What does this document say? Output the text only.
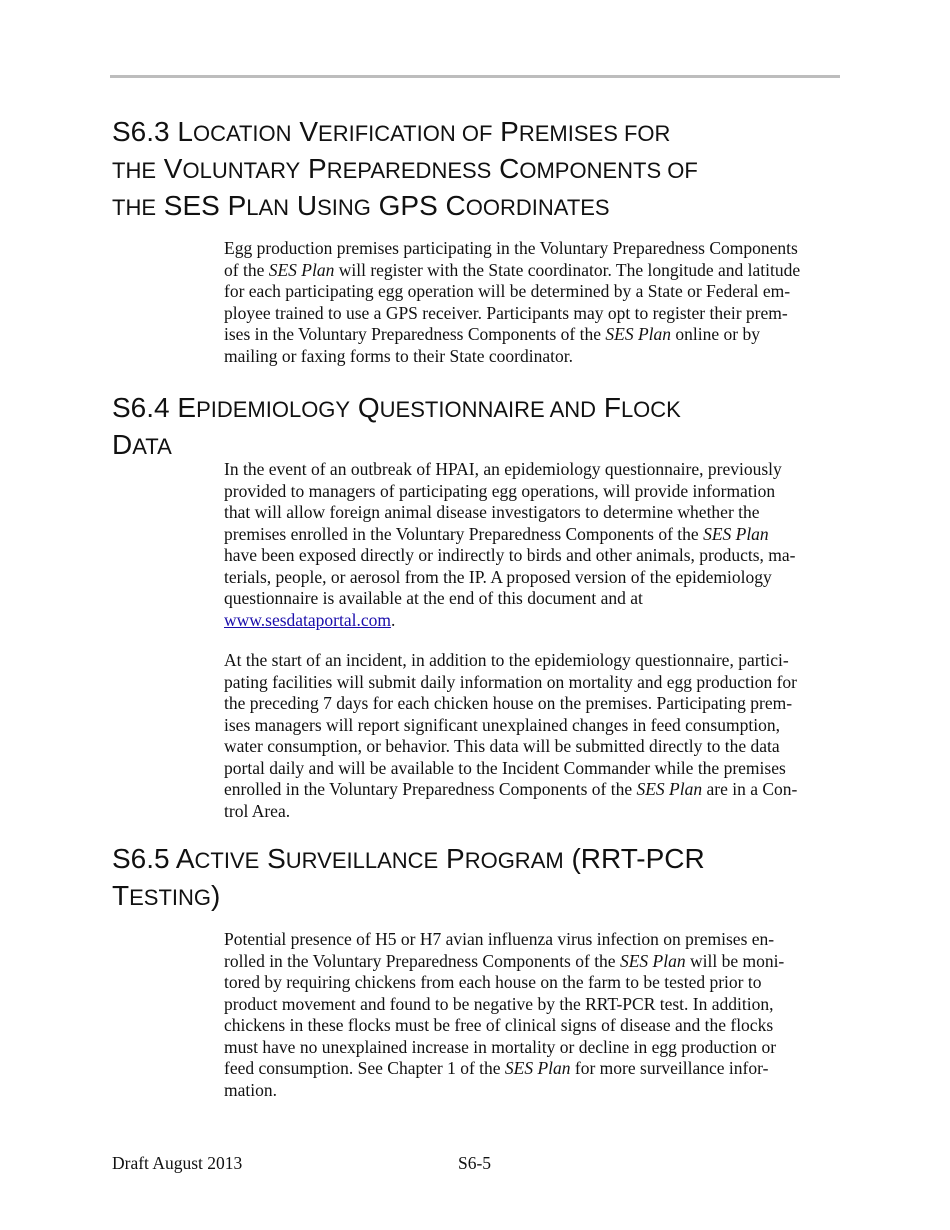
S6.3 LOCATION VERIFICATION OF PREMISES FOR
THE VOLUNTARY PREPAREDNESS COMPONENTS OF
THE SES PLAN USING GPS COORDINATES

Egg production premises participating in the Voluntary Preparedness Components
of the SES Plan will register with the State coordinator. The longitude and latitude
for each participating egg operation will be determined by a State or Federal em-
ployee trained to use a GPS receiver. Participants may opt to register their prem-
ises in the Voluntary Preparedness Components of the SES Plan online or by
mailing or faxing forms to their State coordinator.

S6.4 EPIDEMIOLOGY QUESTIONNAIRE AND FLOCK
DATA

In the event of an outbreak of HPAI, an epidemiology questionnaire, previously
provided to managers of participating egg operations, will provide information
that will allow foreign animal disease investigators to determine whether the
premises enrolled in the Voluntary Preparedness Components of the SES Plan
have been exposed directly or indirectly to birds and other animals, products, ma-
terials, people, or aerosol from the IP. A proposed version of the epidemiology
questionnaire is available at the end of this document and at
www.sesdataportal.com.

At the start of an incident, in addition to the epidemiology questionnaire, partici-
pating facilities will submit daily information on mortality and egg production for
the preceding 7 days for each chicken house on the premises. Participating prem-
ises managers will report significant unexplained changes in feed consumption,
water consumption, or behavior. This data will be submitted directly to the data
portal daily and will be available to the Incident Commander while the premises
enrolled in the Voluntary Preparedness Components of the SES Plan are in a Con-
trol Area.

S6.5 ACTIVE SURVEILLANCE PROGRAM (RRT-PCR
TESTING)

Potential presence of H5 or H7 avian influenza virus infection on premises en-
rolled in the Voluntary Preparedness Components of the SES Plan will be moni-
tored by requiring chickens from each house on the farm to be tested prior to
product movement and found to be negative by the RRT-PCR test. In addition,
chickens in these flocks must be free of clinical signs of disease and the flocks
must have no unexplained increase in mortality or decline in egg production or
feed consumption. See Chapter 1 of the SES Plan for more surveillance infor-
mation.

Draft August 2013	S6-5
